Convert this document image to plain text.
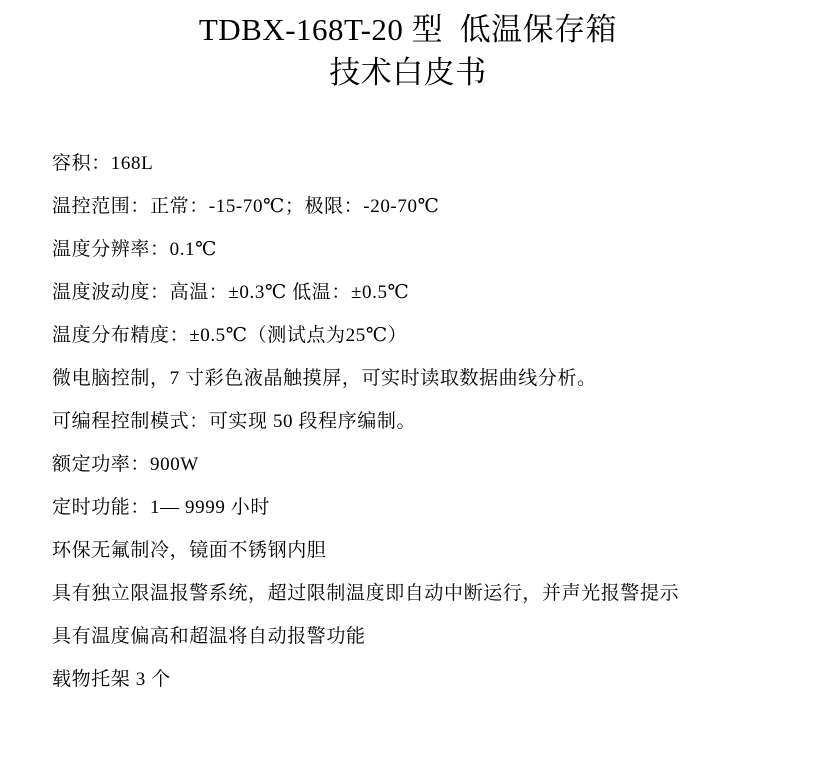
TDBX-168T-20 型  低温保存箱
技术白皮书
容积：168L
温控范围：正常：-15-70℃；极限：-20-70℃
温度分辨率：0.1℃
温度波动度：高温：±0.3℃ 低温：±0.5℃
温度分布精度：±0.5℃（测试点为25℃）
微电脑控制，7 寸彩色液晶触摸屏，可实时读取数据曲线分析。
可编程控制模式：可实现 50 段程序编制。
额定功率：900W
定时功能：1— 9999 小时
环保无氟制冷，镜面不锈钢内胆
具有独立限温报警系统，超过限制温度即自动中断运行，并声光报警提示
具有温度偏高和超温将自动报警功能
载物托架 3 个
